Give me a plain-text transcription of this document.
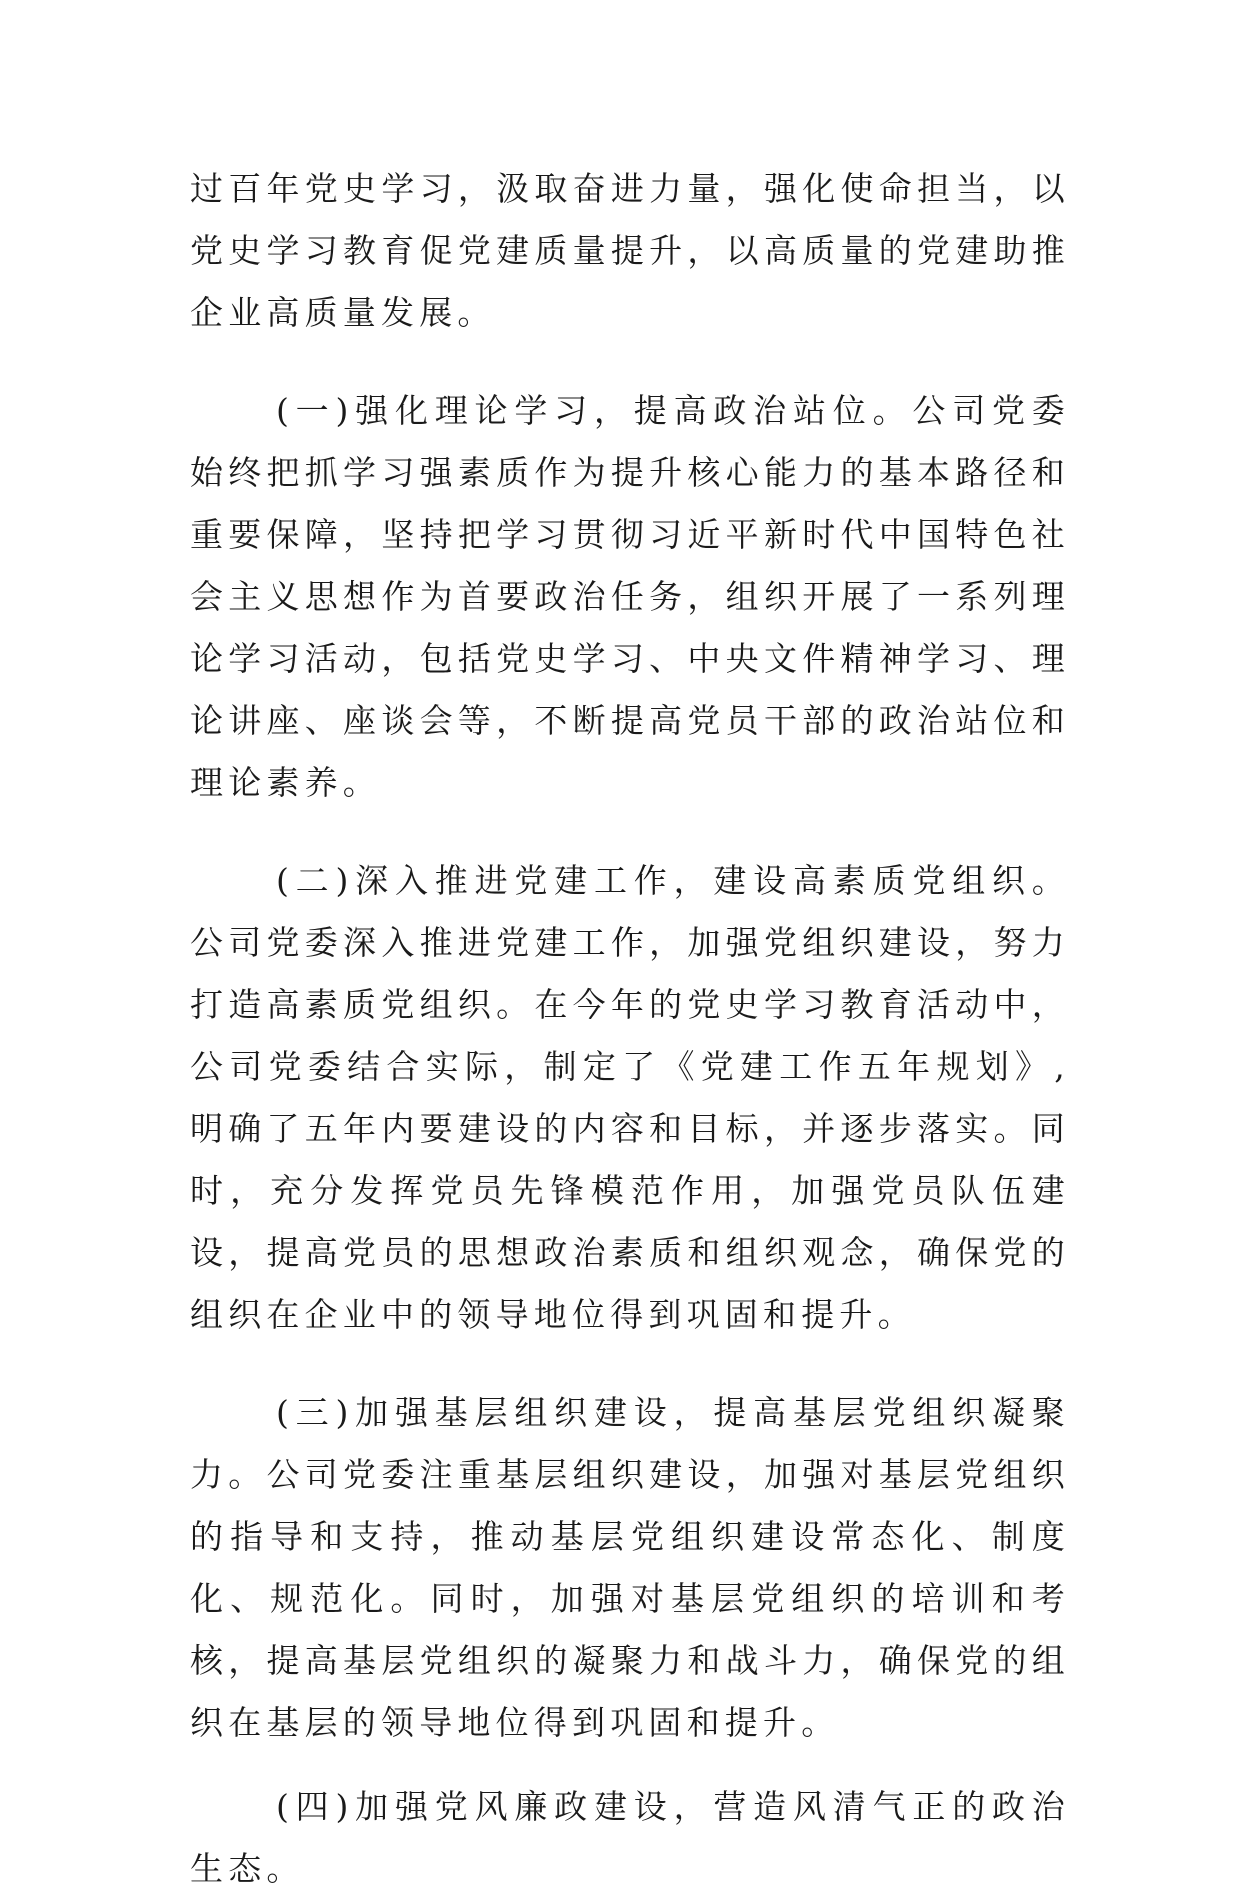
过百年党史学习，汲取奋进力量，强化使命担当，以党史学习教育促党建质量提升，以高质量的党建助推企业高质量发展。

(一)强化理论学习，提高政治站位。公司党委始终把抓学习强素质作为提升核心能力的基本路径和重要保障，坚持把学习贯彻习近平新时代中国特色社会主义思想作为首要政治任务，组织开展了一系列理论学习活动，包括党史学习、中央文件精神学习、理论讲座、座谈会等，不断提高党员干部的政治站位和理论素养。

(二)深入推进党建工作，建设高素质党组织。公司党委深入推进党建工作，加强党组织建设，努力打造高素质党组织。在今年的党史学习教育活动中，公司党委结合实际，制定了《党建工作五年规划》,明确了五年内要建设的内容和目标，并逐步落实。同时，充分发挥党员先锋模范作用，加强党员队伍建设，提高党员的思想政治素质和组织观念，确保党的组织在企业中的领导地位得到巩固和提升。

(三)加强基层组织建设，提高基层党组织凝聚力。公司党委注重基层组织建设，加强对基层党组织的指导和支持，推动基层党组织建设常态化、制度化、规范化。同时，加强对基层党组织的培训和考核，提高基层党组织的凝聚力和战斗力，确保党的组织在基层的领导地位得到巩固和提升。

(四)加强党风廉政建设，营造风清气正的政治生态。
